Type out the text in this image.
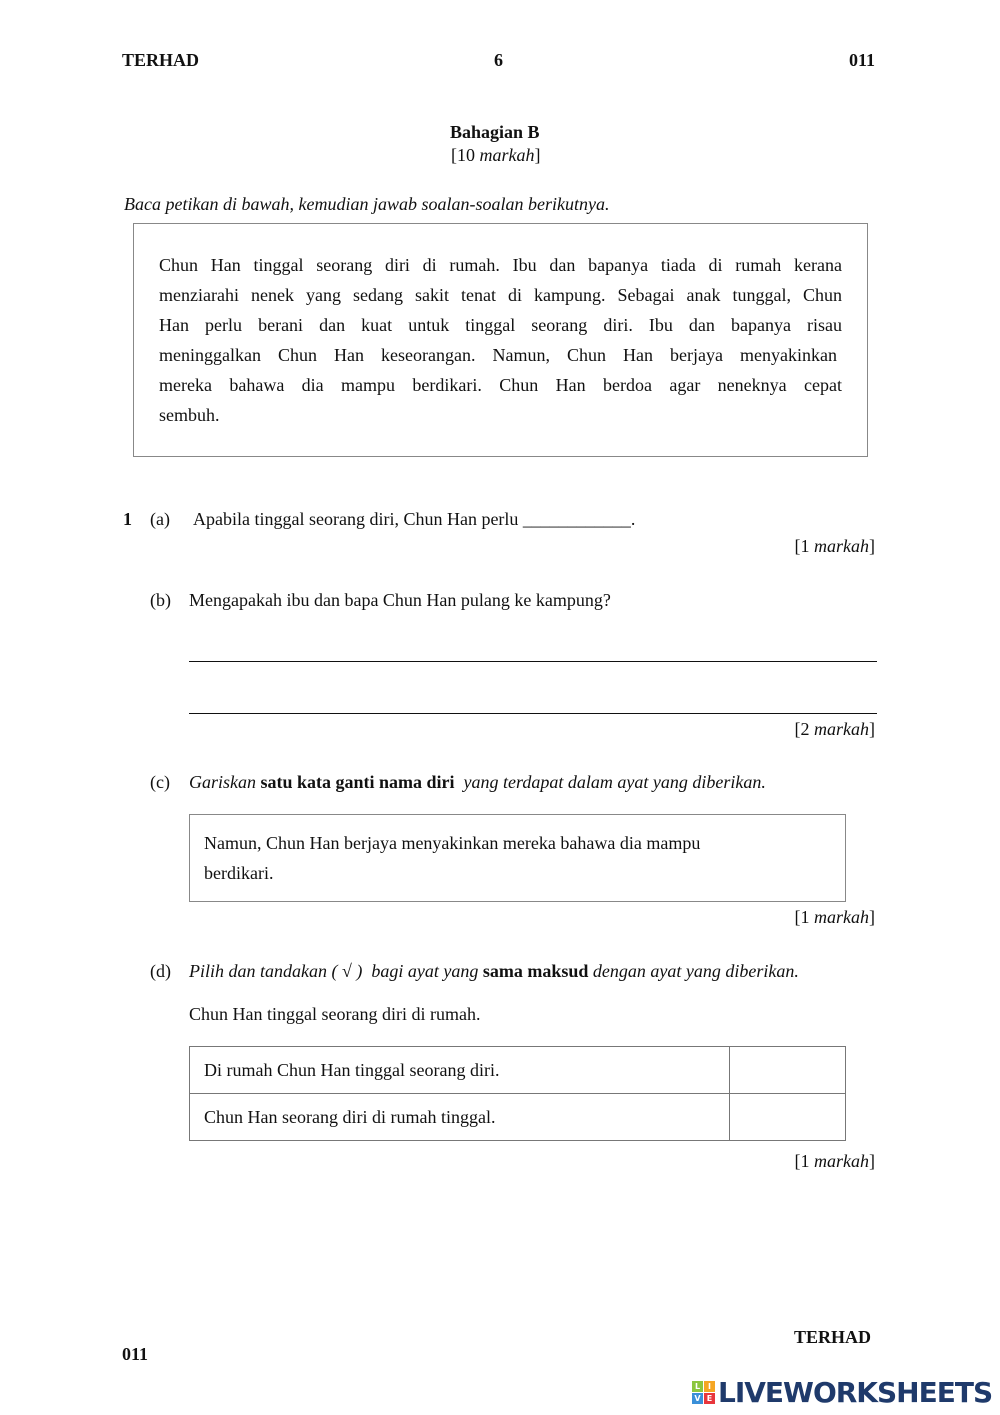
TERHAD	6	011
Bahagian B
[10 markah]
Baca petikan di bawah, kemudian jawab soalan-soalan berikutnya.
Chun Han tinggal seorang diri di rumah. Ibu dan bapanya tiada di rumah kerana
menziarahi nenek yang sedang sakit tenat di kampung. Sebagai anak tunggal, Chun
Han perlu berani dan kuat untuk tinggal seorang diri. Ibu dan bapanya risau
meninggalkan Chun Han keseorangan. Namun, Chun Han berjaya menyakinkan
mereka bahawa dia mampu berdikari. Chun Han berdoa agar neneknya cepat
sembuh.
1 (a) Apabila tinggal seorang diri, Chun Han perlu ____________.
[1 markah]
(b) Mengapakah ibu dan bapa Chun Han pulang ke kampung?
[2 markah]
(c) Gariskan satu kata ganti nama diri  yang terdapat dalam ayat yang diberikan.
Namun, Chun Han berjaya menyakinkan mereka bahawa dia mampu
berdikari.
[1 markah]
(d) Pilih dan tandakan ( √ )  bagi ayat yang sama maksud dengan ayat yang diberikan.
Chun Han tinggal seorang diri di rumah.
Di rumah Chun Han tinggal seorang diri.	
Chun Han seorang diri di rumah tinggal.	
[1 markah]
TERHAD
011
L I
V E LIVEWORKSHEETS
